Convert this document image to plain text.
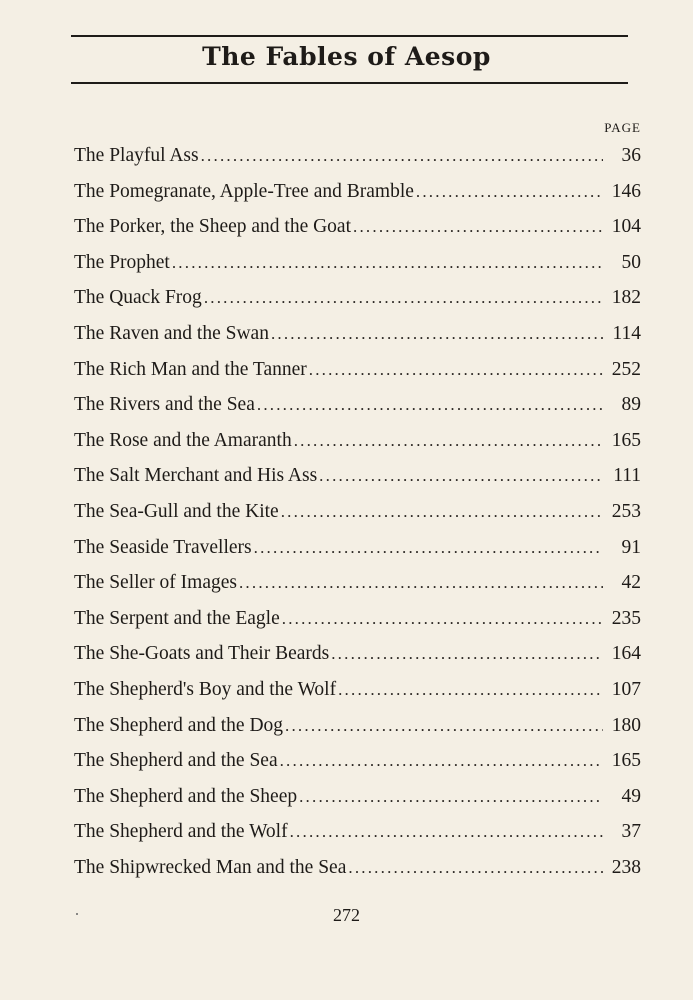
The Fables of Aesop
PAGE
The Playful Ass .....	36
The Pomegranate, Apple-Tree and Bramble .....	146
The Porker, the Sheep and the Goat .....	104
The Prophet .....	50
The Quack Frog .....	182
The Raven and the Swan .....	114
The Rich Man and the Tanner .....	252
The Rivers and the Sea .....	89
The Rose and the Amaranth .....	165
The Salt Merchant and His Ass .....	111
The Sea-Gull and the Kite .....	253
The Seaside Travellers .....	91
The Seller of Images .....	42
The Serpent and the Eagle .....	235
The She-Goats and Their Beards .....	164
The Shepherd's Boy and the Wolf .....	107
The Shepherd and the Dog .....	180
The Shepherd and the Sea .....	165
The Shepherd and the Sheep .....	49
The Shepherd and the Wolf .....	37
The Shipwrecked Man and the Sea .....	238
272
